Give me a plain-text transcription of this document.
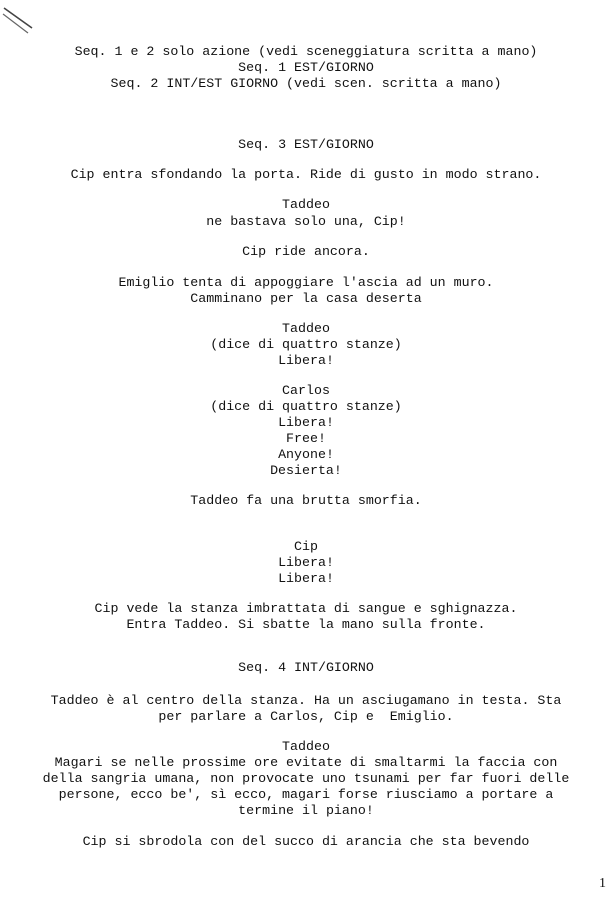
Seq. 1 e 2 solo azione (vedi sceneggiatura scritta a mano)
Seq. 1 EST/GIORNO
Seq. 2 INT/EST GIORNO (vedi scen. scritta a mano)
Seq. 3 EST/GIORNO
Cip entra sfondando la porta. Ride di gusto in modo strano.
Taddeo
ne bastava solo una, Cip!
Cip ride ancora.
Emiglio tenta di appoggiare l'ascia ad un muro.
Camminano per la casa deserta
Taddeo
(dice di quattro stanze)
Libera!
Carlos
(dice di quattro stanze)
Libera!
Free!
Anyone!
Desierta!
Taddeo fa una brutta smorfia.
Cip
Libera!
Libera!
Cip vede la stanza imbrattata di sangue e sghignazza.
Entra Taddeo. Si sbatte la mano sulla fronte.
Seq. 4 INT/GIORNO
Taddeo è al centro della stanza. Ha un asciugamano in testa. Sta
per parlare a Carlos, Cip e  Emiglio.
Taddeo
Magari se nelle prossime ore evitate di smaltarmi la faccia con
della sangria umana, non provocate uno tsunami per far fuori delle
persone, ecco be', sì ecco, magari forse riusciamo a portare a
termine il piano!
Cip si sbrodola con del succo di arancia che sta bevendo
1
